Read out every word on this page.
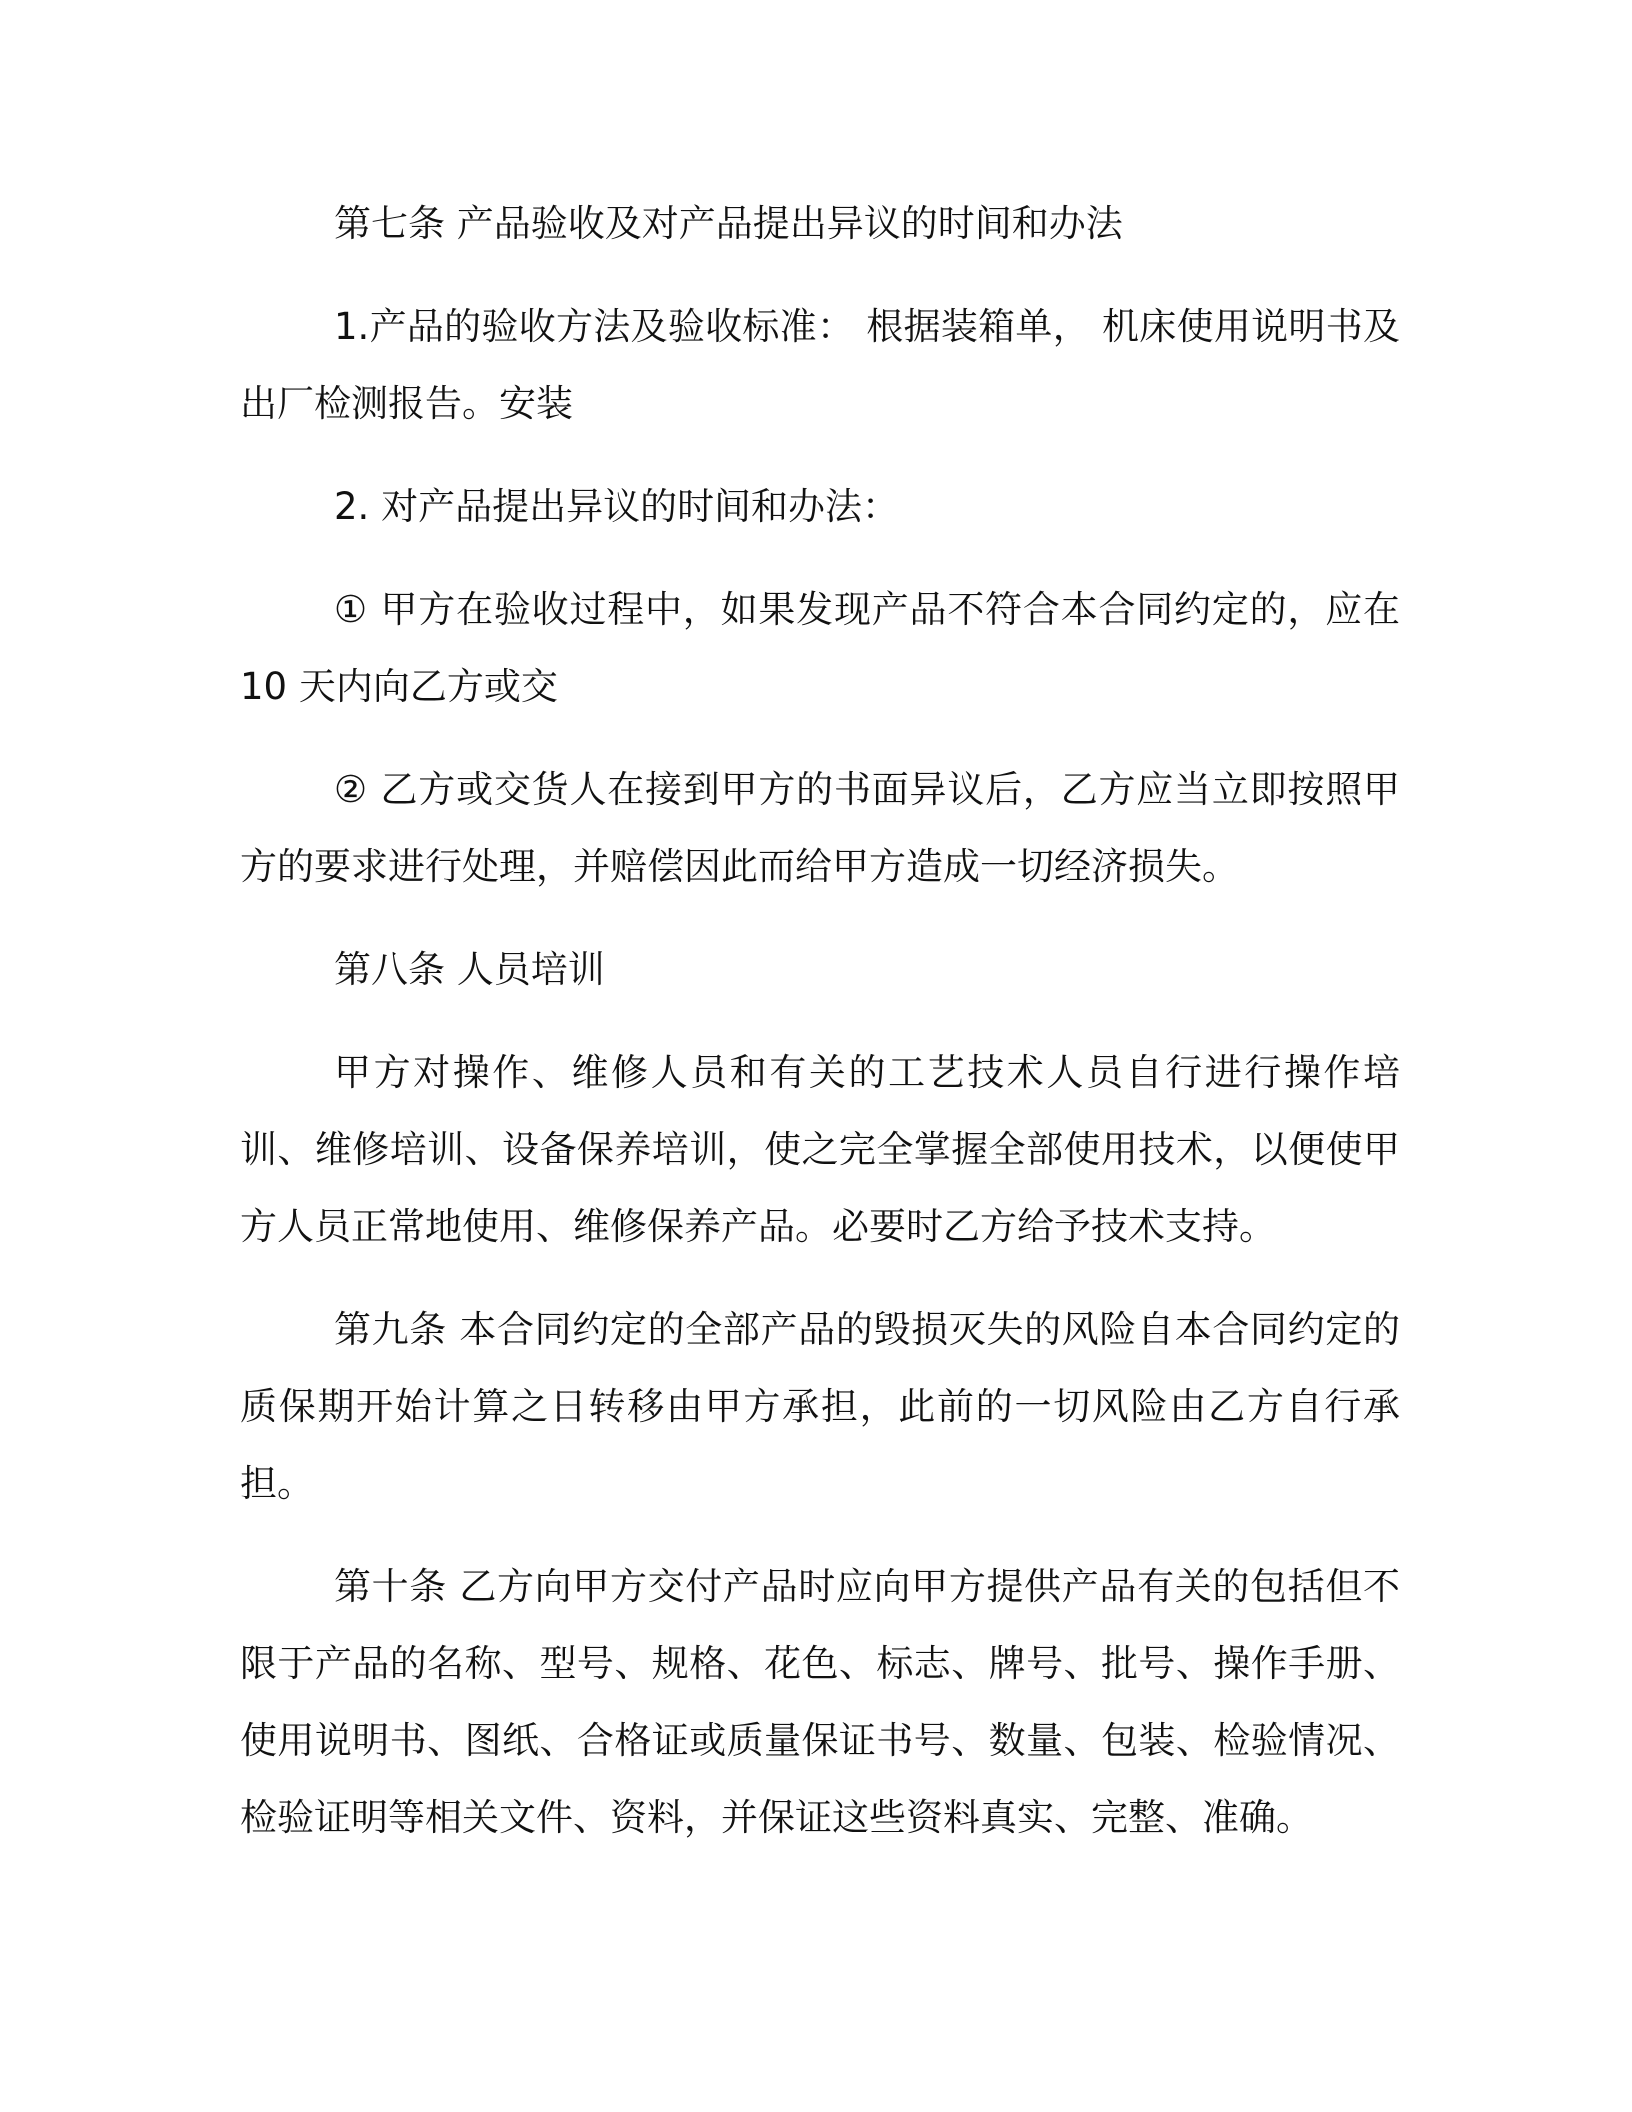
第七条 产品验收及对产品提出异议的时间和办法

1.产品的验收方法及验收标准： 根据装箱单， 机床使用说明书及出厂检测报告。安装

2. 对产品提出异议的时间和办法：

① 甲方在验收过程中，如果发现产品不符合本合同约定的，应在 10 天内向乙方或交

② 乙方或交货人在接到甲方的书面异议后，乙方应当立即按照甲方的要求进行处理，并赔偿因此而给甲方造成一切经济损失。

第八条 人员培训

甲方对操作、维修人员和有关的工艺技术人员自行进行操作培训、维修培训、设备保养培训，使之完全掌握全部使用技术，以便使甲方人员正常地使用、维修保养产品。必要时乙方给予技术支持。

第九条 本合同约定的全部产品的毁损灭失的风险自本合同约定的质保期开始计算之日转移由甲方承担，此前的一切风险由乙方自行承担。

第十条 乙方向甲方交付产品时应向甲方提供产品有关的包括但不限于产品的名称、型号、规格、花色、标志、牌号、批号、操作手册、使用说明书、图纸、合格证或质量保证书号、数量、包装、检验情况、检验证明等相关文件、资料，并保证这些资料真实、完整、准确。
